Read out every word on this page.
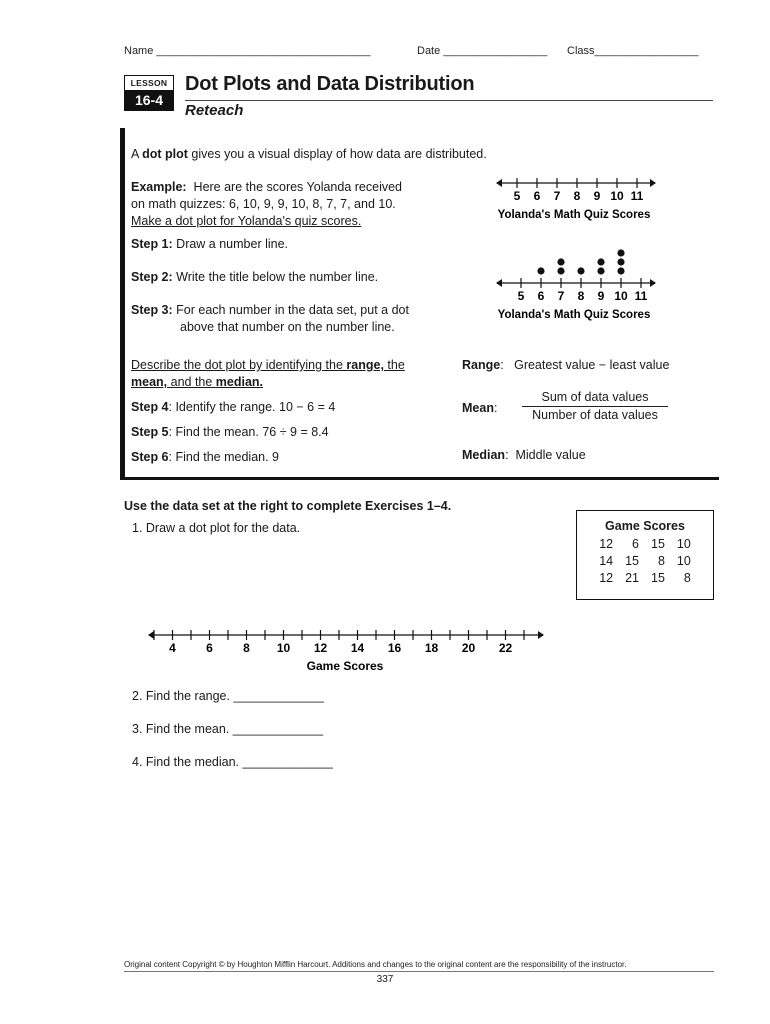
Name ___________________________________	Date _________________ Class_________________
LESSON
16-4
Dot Plots and Data Distribution
Reteach
A dot plot gives you a visual display of how data are distributed.
Example:  Here are the scores Yolanda received
on math quizzes: 6, 10, 9, 9, 10, 8, 7, 7, and 10.
Make a dot plot for Yolanda's quiz scores.
Step 1: Draw a number line.
Step 2: Write the title below the number line.
Step 3: For each number in the data set, put a dot
above that number on the number line.
Describe the dot plot by identifying the range, the
mean, and the median.
Step 4: Identify the range. 10 − 6 = 4
Step 5: Find the mean. 76 ÷ 9 = 8.4
Step 6: Find the median. 9
Range:   Greatest value − least value
Mean:
Sum of data values
Number of data values
Median:  Middle value
5 6 7 8 9 10 11
Yolanda's Math Quiz Scores
5 6 7 8 9 10 11
Yolanda's Math Quiz Scores
Use the data set at the right to complete Exercises 1–4.
1. Draw a dot plot for the data.	Game Scores
12	6	15	10
14	15	8	10
12	21	15	8
4	6	8 10 12 14 16 18 20 22
Game Scores
2. Find the range. _____________
3. Find the mean. _____________
4. Find the median. _____________
Original content Copyright © by Houghton Mifflin Harcourt. Additions and changes to the original content are the responsibility of the instructor.
337
